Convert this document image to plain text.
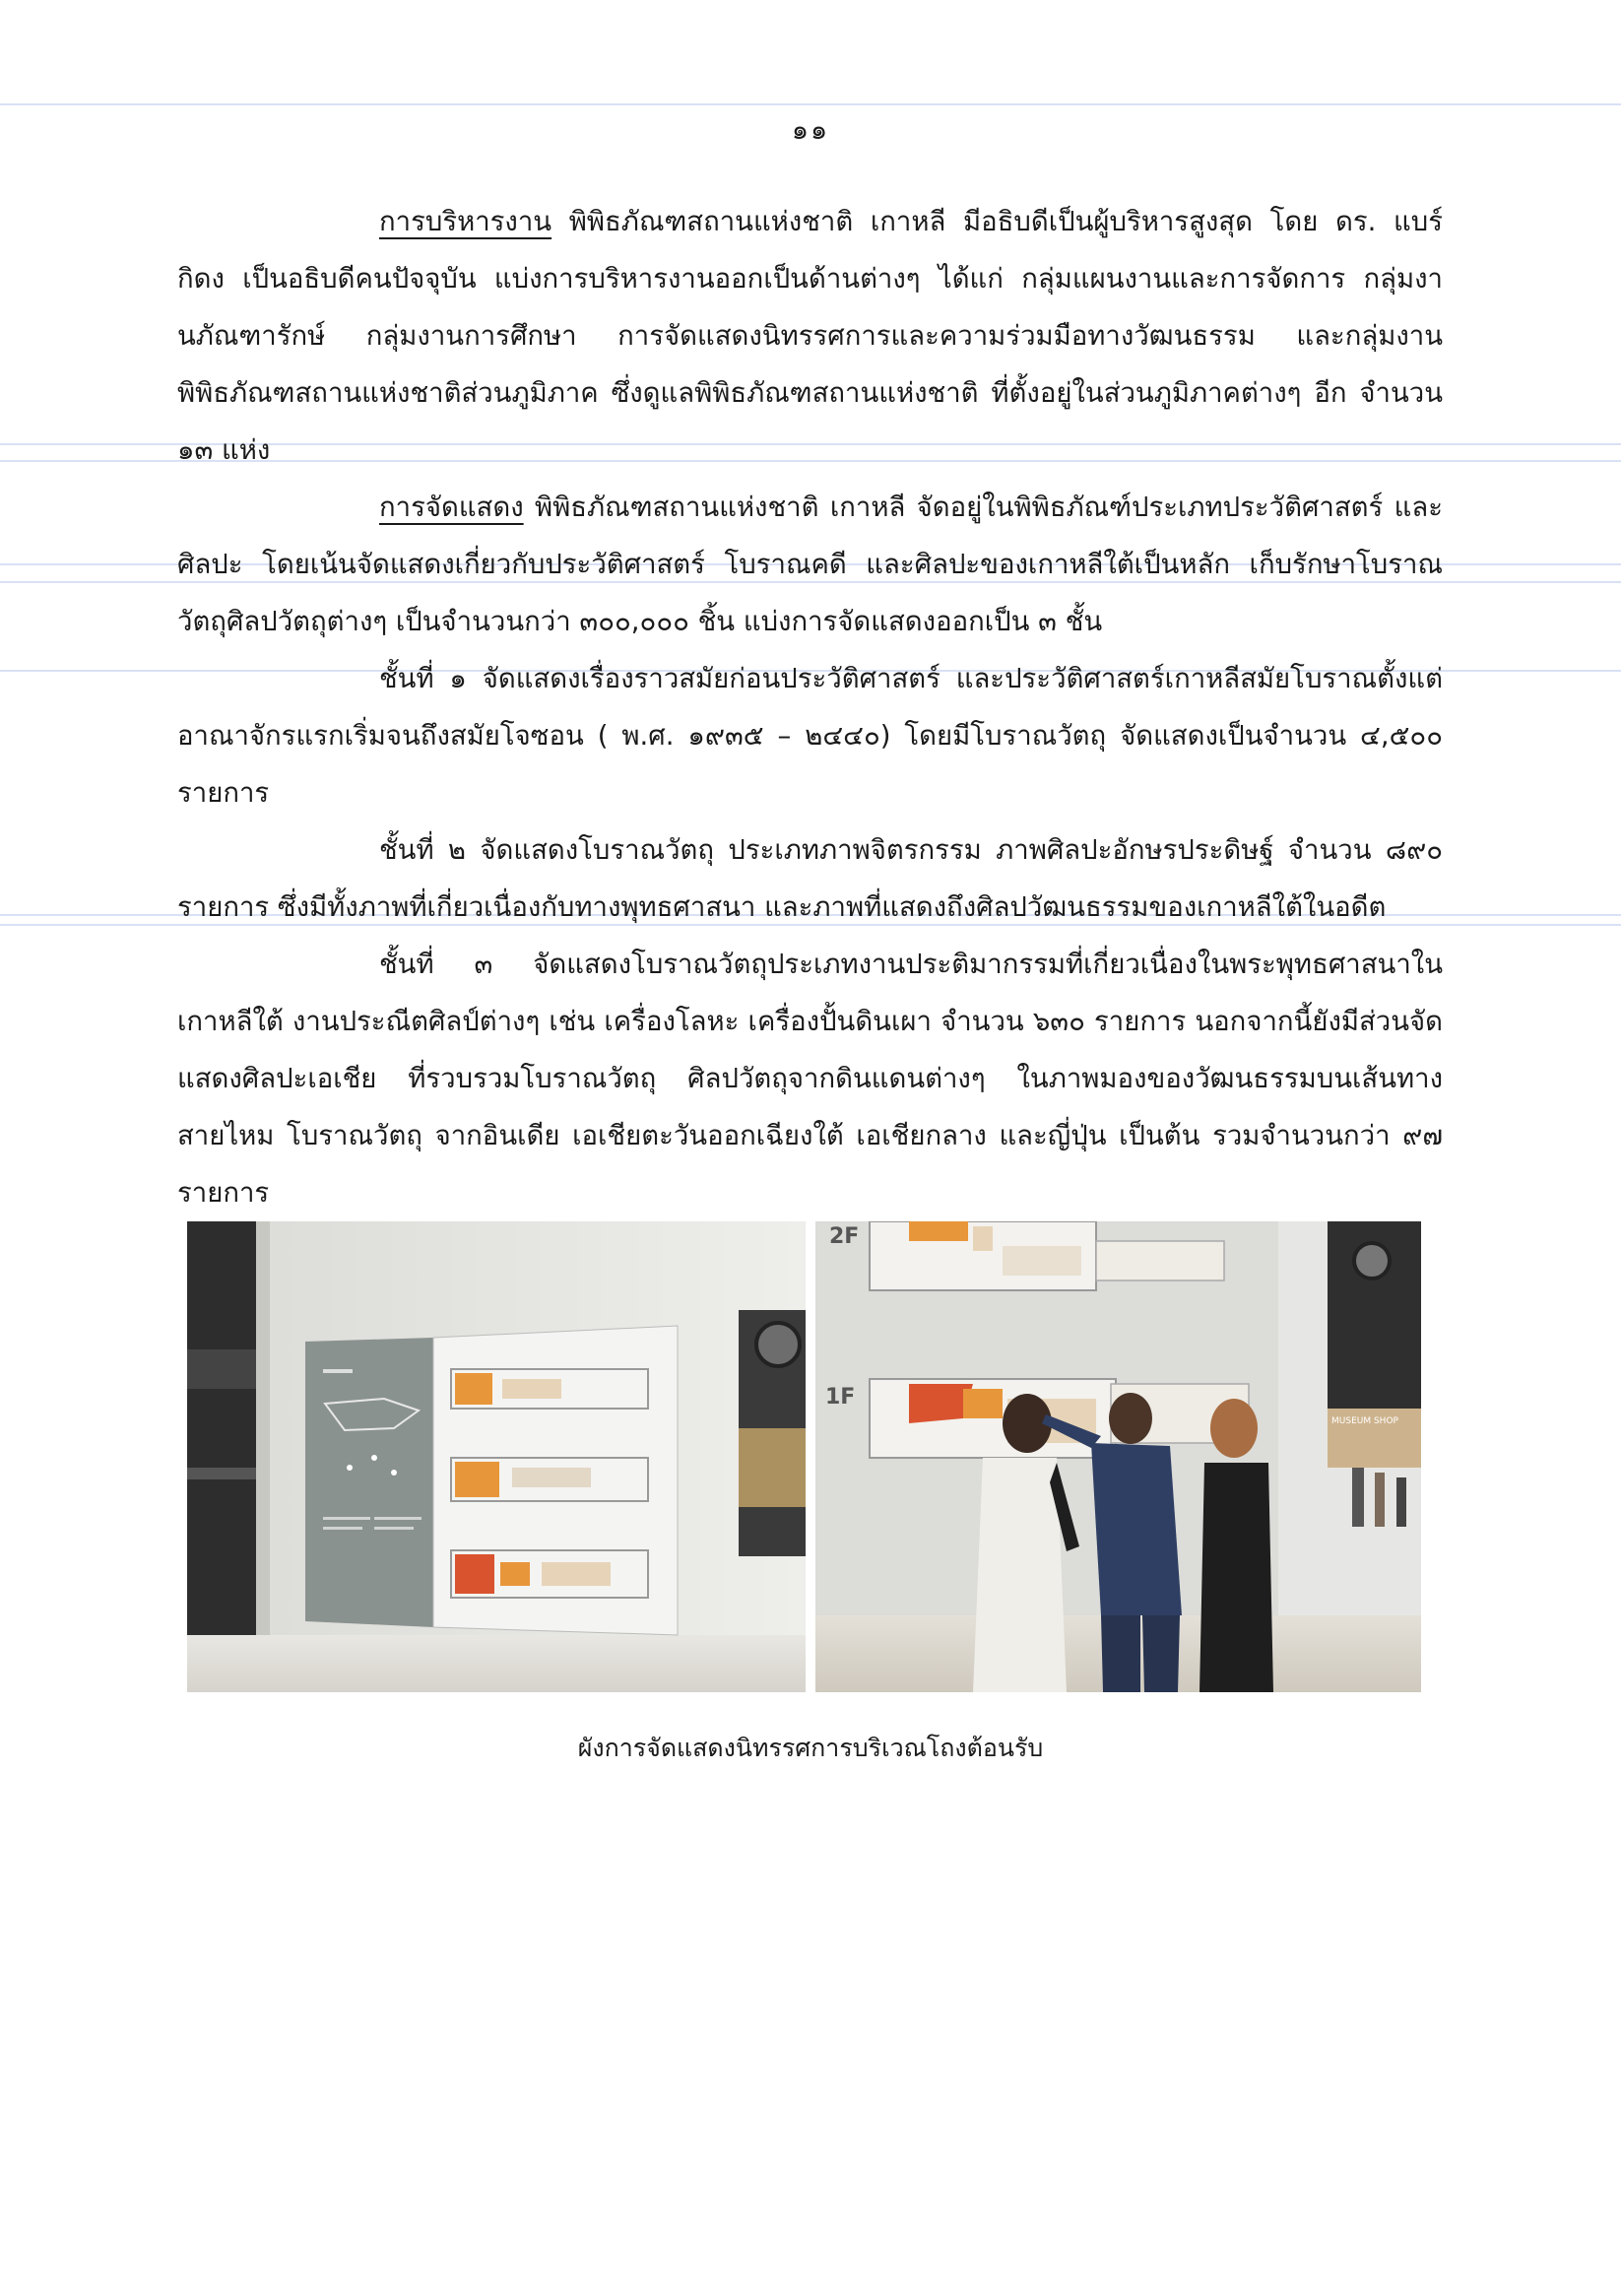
๑๑

การบริหารงาน พิพิธภัณฑสถานแห่งชาติ เกาหลี มีอธิบดีเป็นผู้บริหารสูงสุด โดย ดร. แบร์ กิดง เป็นอธิบดีคนปัจจุบัน แบ่งการบริหารงานออกเป็นด้านต่างๆ ได้แก่ กลุ่มแผนงานและการจัดการ กลุ่มงานภัณฑารักษ์ กลุ่มงานการศึกษา การจัดแสดงนิทรรศการและความร่วมมือทางวัฒนธรรม และกลุ่มงานพิพิธภัณฑสถานแห่งชาติส่วนภูมิภาค ซึ่งดูแลพิพิธภัณฑสถานแห่งชาติ ที่ตั้งอยู่ในส่วนภูมิภาคต่างๆ อีก จำนวน ๑๓ แห่ง

การจัดแสดง พิพิธภัณฑสถานแห่งชาติ เกาหลี จัดอยู่ในพิพิธภัณฑ์ประเภทประวัติศาสตร์ และศิลปะ โดยเน้นจัดแสดงเกี่ยวกับประวัติศาสตร์ โบราณคดี และศิลปะของเกาหลีใต้เป็นหลัก เก็บรักษาโบราณวัตถุศิลปวัตถุต่างๆ เป็นจำนวนกว่า ๓๐๐,๐๐๐ ชิ้น แบ่งการจัดแสดงออกเป็น ๓ ชั้น

ชั้นที่ ๑ จัดแสดงเรื่องราวสมัยก่อนประวัติศาสตร์ และประวัติศาสตร์เกาหลีสมัยโบราณตั้งแต่อาณาจักรแรกเริ่มจนถึงสมัยโจซอน ( พ.ศ. ๑๙๓๕ – ๒๔๔๐) โดยมีโบราณวัตถุ จัดแสดงเป็นจำนวน ๔,๕๐๐ รายการ

ชั้นที่ ๒ จัดแสดงโบราณวัตถุ ประเภทภาพจิตรกรรม ภาพศิลปะอักษรประดิษฐ์ จำนวน ๘๙๐ รายการ ซึ่งมีทั้งภาพที่เกี่ยวเนื่องกับทางพุทธศาสนา และภาพที่แสดงถึงศิลปวัฒนธรรมของเกาหลีใต้ในอดีต

ชั้นที่ ๓ จัดแสดงโบราณวัตถุประเภทงานประติมากรรมที่เกี่ยวเนื่องในพระพุทธศาสนาในเกาหลีใต้ งานประณีตศิลป์ต่างๆ เช่น เครื่องโลหะ เครื่องปั้นดินเผา จำนวน ๖๓๐ รายการ นอกจากนี้ยังมีส่วนจัดแสดงศิลปะเอเชีย ที่รวบรวมโบราณวัตถุ ศิลปวัตถุจากดินแดนต่างๆ ในภาพมองของวัฒนธรรมบนเส้นทางสายไหม โบราณวัตถุ จากอินเดีย เอเชียตะวันออกเฉียงใต้ เอเชียกลาง และญี่ปุ่น เป็นต้น รวมจำนวนกว่า ๙๗ รายการ

2F
1F
MUSEUM SHOP
ผังการจัดแสดงนิทรรศการบริเวณโถงต้อนรับ
